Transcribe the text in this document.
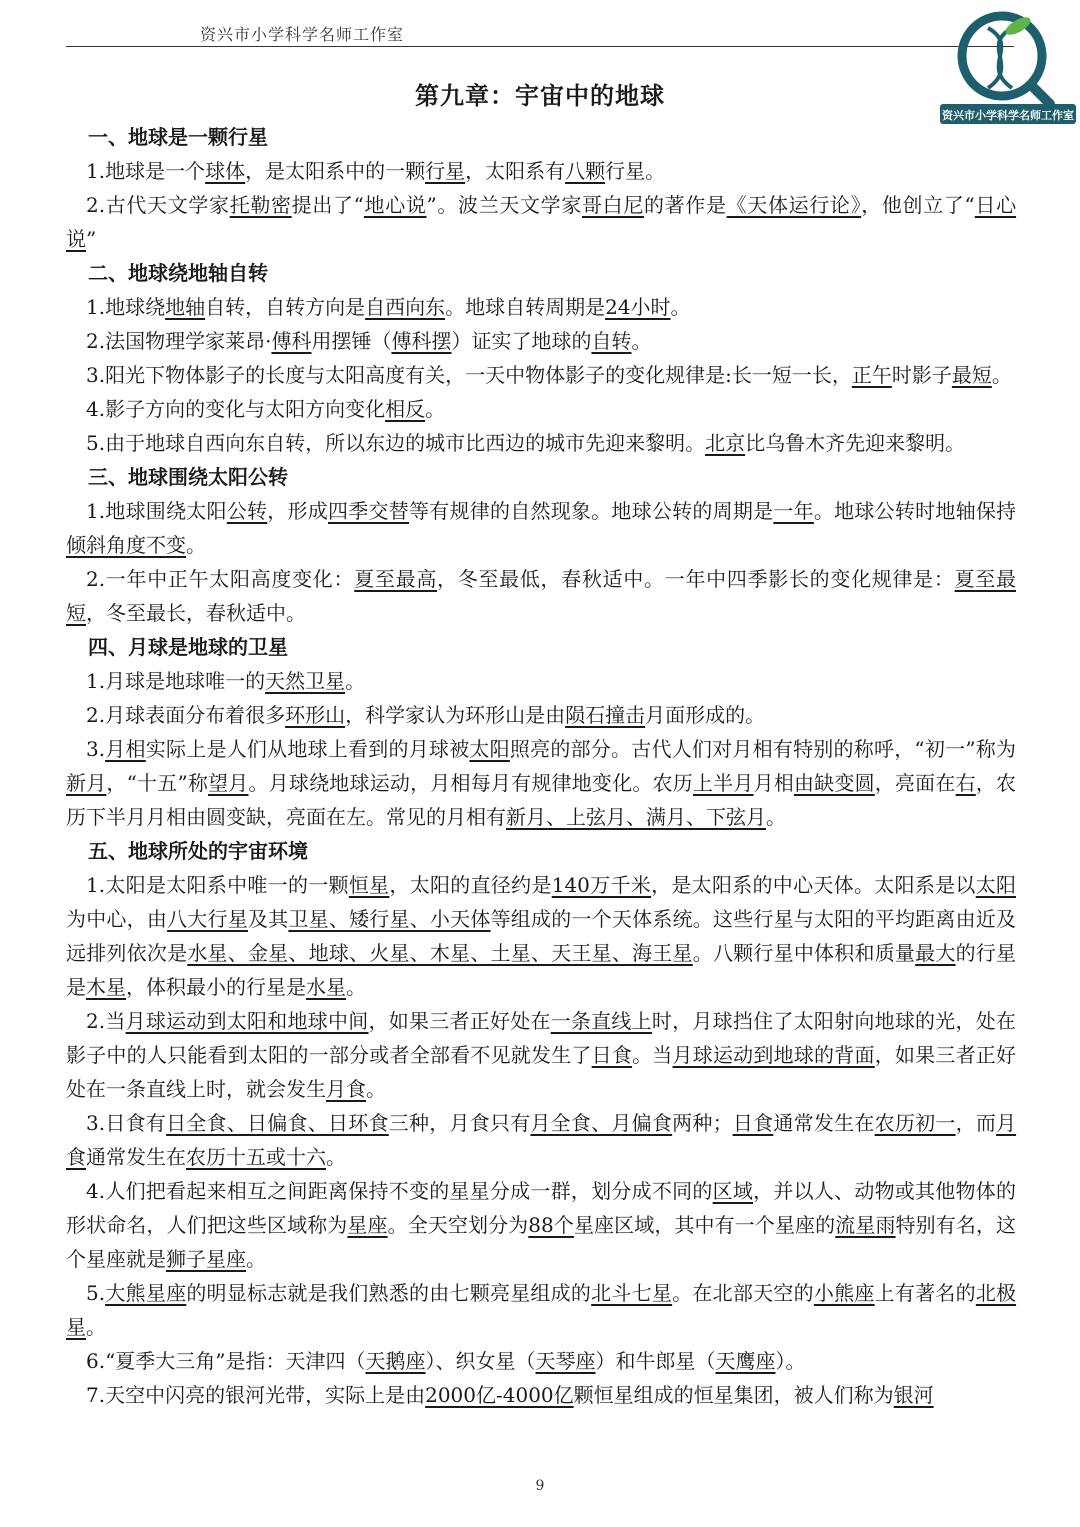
资兴市小学科学名师工作室
资兴市小学科学名师工作室
第九章：宇宙中的地球
一、地球是一颗行星

1.地球是一个球体，是太阳系中的一颗行星，太阳系有八颗行星。

2.古代天文学家托勒密提出了“地心说”。波兰天文学家哥白尼的著作是《天体运行论》，他创立了“日心说”

二、地球绕地轴自转

1.地球绕地轴自转，自转方向是自西向东。地球自转周期是24小时。

2.法国物理学家莱昂·傅科用摆锤（傅科摆）证实了地球的自转。

3.阳光下物体影子的长度与太阳高度有关，一天中物体影子的变化规律是:长一短一长，正午时影子最短。

4.影子方向的变化与太阳方向变化相反。

5.由于地球自西向东自转，所以东边的城市比西边的城市先迎来黎明。北京比乌鲁木齐先迎来黎明。

三、地球围绕太阳公转

1.地球围绕太阳公转，形成四季交替等有规律的自然现象。地球公转的周期是一年。地球公转时地轴保持倾斜角度不变。

2.一年中正午太阳高度变化：夏至最高，冬至最低，春秋适中。一年中四季影长的变化规律是：夏至最短，冬至最长，春秋适中。

四、月球是地球的卫星

1.月球是地球唯一的天然卫星。

2.月球表面分布着很多环形山，科学家认为环形山是由陨石撞击月面形成的。

3.月相实际上是人们从地球上看到的月球被太阳照亮的部分。古代人们对月相有特别的称呼，“初一”称为新月，“十五”称望月。月球绕地球运动，月相每月有规律地变化。农历上半月月相由缺变圆，亮面在右，农历下半月月相由圆变缺，亮面在左。常见的月相有新月、上弦月、满月、下弦月。

五、地球所处的宇宙环境

1.太阳是太阳系中唯一的一颗恒星，太阳的直径约是140万千米，是太阳系的中心天体。太阳系是以太阳为中心，由八大行星及其卫星、矮行星、小天体等组成的一个天体系统。这些行星与太阳的平均距离由近及远排列依次是水星、金星、地球、火星、木星、土星、天王星、海王星。八颗行星中体积和质量最大的行星是木星，体积最小的行星是水星。

2.当月球运动到太阳和地球中间，如果三者正好处在一条直线上时，月球挡住了太阳射向地球的光，处在影子中的人只能看到太阳的一部分或者全部看不见就发生了日食。当月球运动到地球的背面，如果三者正好处在一条直线上时，就会发生月食。

3.日食有日全食、日偏食、日环食三种，月食只有月全食、月偏食两种；日食通常发生在农历初一，而月食通常发生在农历十五或十六。

4.人们把看起来相互之间距离保持不变的星星分成一群，划分成不同的区域，并以人、动物或其他物体的形状命名，人们把这些区域称为星座。全天空划分为88个星座区域，其中有一个星座的流星雨特别有名，这个星座就是狮子星座。

5.大熊星座的明显标志就是我们熟悉的由七颗亮星组成的北斗七星。在北部天空的小熊座上有著名的北极星。

6.“夏季大三角”是指：天津四（天鹅座）、织女星（天琴座）和牛郎星（天鹰座）。

7.天空中闪亮的银河光带，实际上是由2000亿-4000亿颗恒星组成的恒星集团，被人们称为银河

9
